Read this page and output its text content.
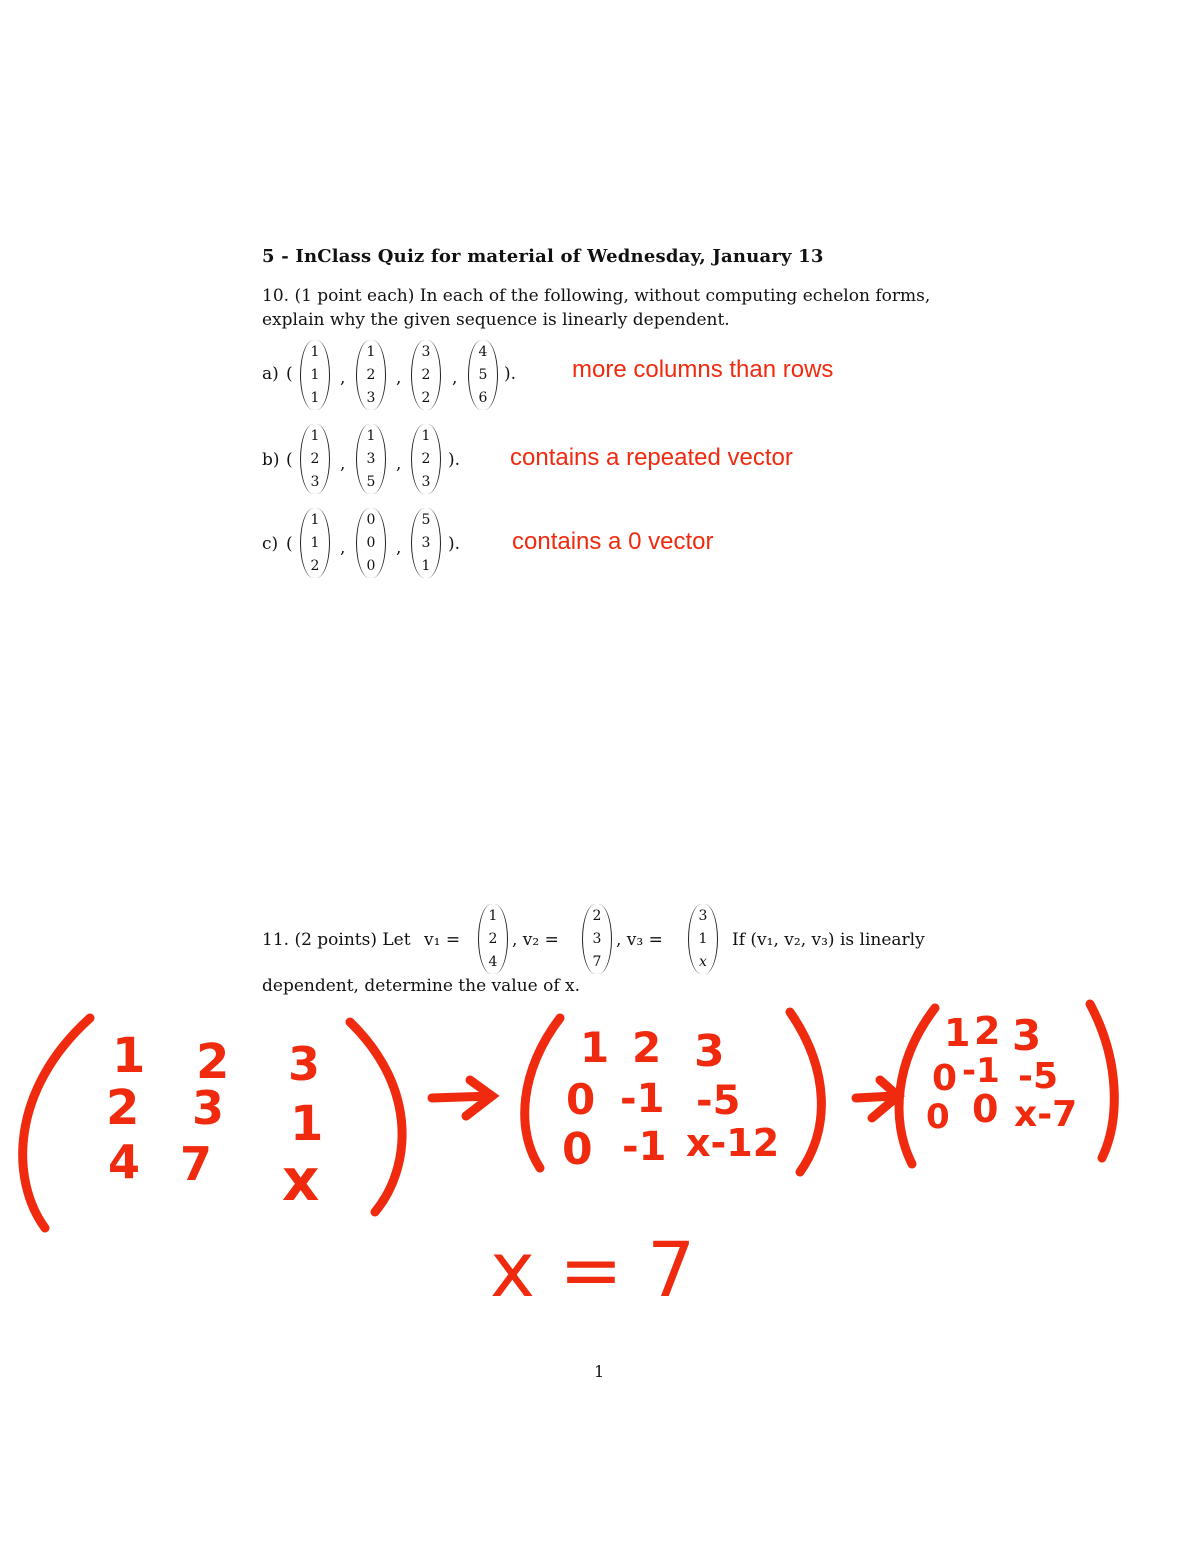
5 - InClass Quiz for material of Wednesday, January 13
10. (1 point each) In each of the following, without computing echelon forms,
explain why the given sequence is linearly dependent.
a) (
1
1
1
,
1
2
3
,
3
2
2
,
4
5
6
). more columns than rows
b) (
1
2
3
,
1
3
5
,
1
2
3
). contains a repeated vector
c) (
1
1
2
,
0
0
0
,
5
3
1
). contains a 0 vector
11. (2 points) Let v₁ =
1
2
4
, v₂ =
2
3
7
, v₃ =
3
1
x
If (v₁, v₂, v₃) is linearly
dependent, determine the value of x.
1 2 3
2 3 1
4 7 x
1 2 3
0 -1 -5
0 -1 x-12
1 2 3
0 -1 -5
0 0 x-7
x = 7
1
